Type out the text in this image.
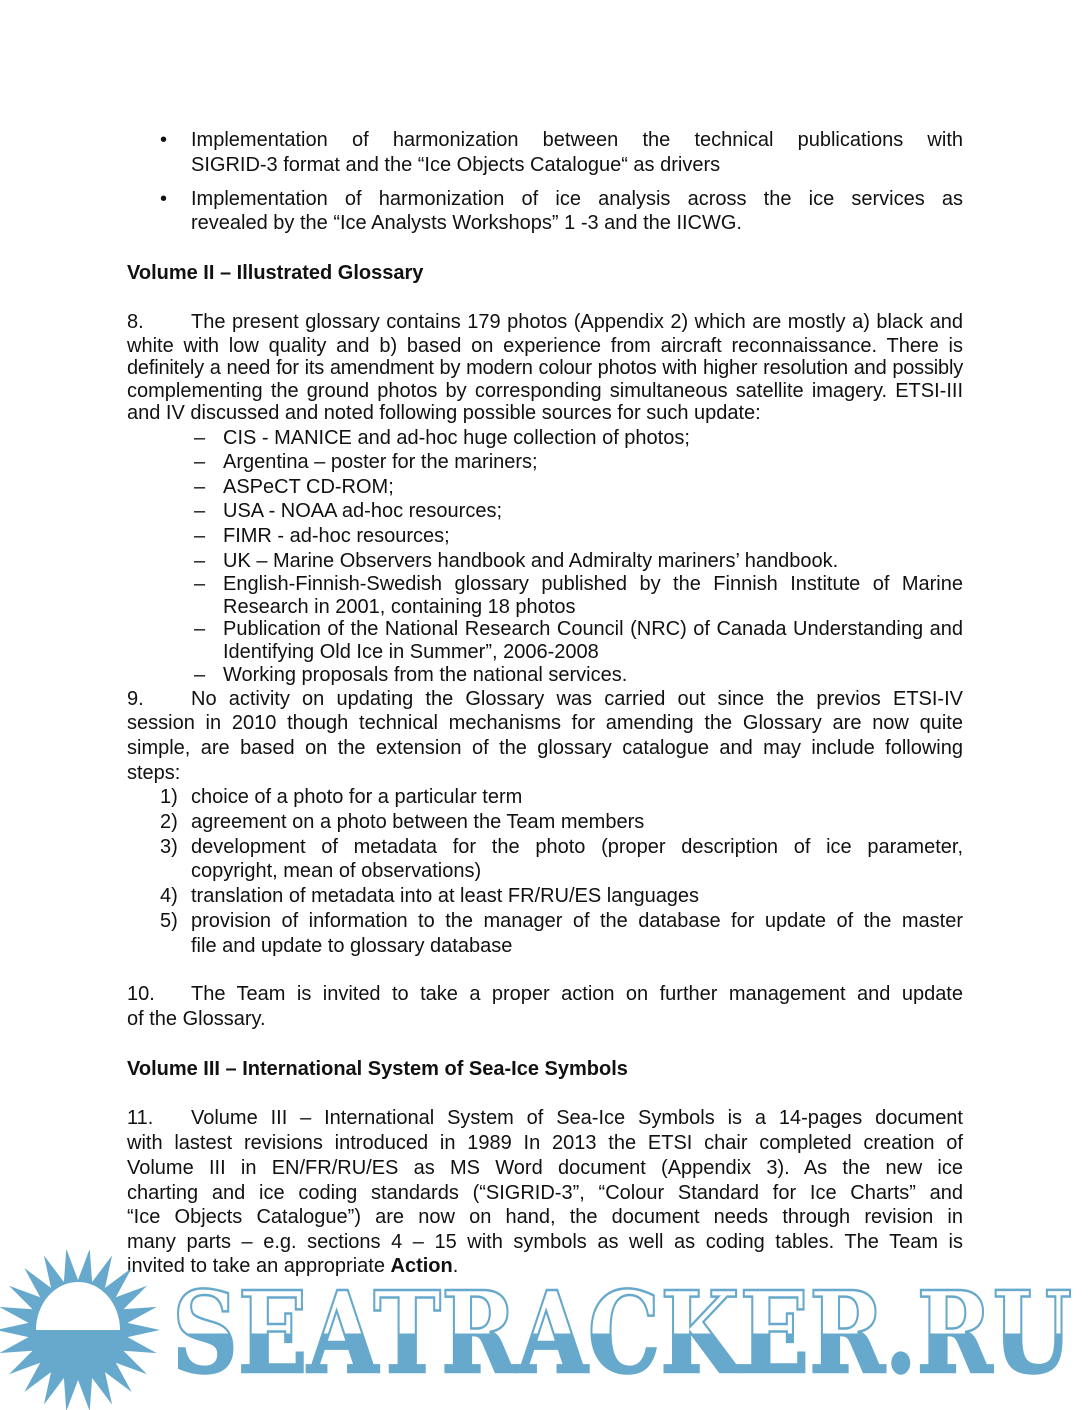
• Implementation of harmonization between the technical publications with
SIGRID-3 format and the “Ice Objects Catalogue“ as drivers
• Implementation of harmonization of ice analysis across the ice services as
revealed by the “Ice Analysts Workshops” 1 -3 and the IICWG.
Volume II – Illustrated Glossary
8. The present glossary contains 179 photos (Appendix 2) which are mostly a) black and
white with low quality and b) based on experience from aircraft reconnaissance. There is
definitely a need for its amendment by modern colour photos with higher resolution and possibly
complementing the ground photos by corresponding simultaneous satellite imagery. ETSI-III
and IV discussed and noted following possible sources for such update:
– CIS - MANICE and ad-hoc huge collection of photos;
– Argentina – poster for the mariners;
– ASPeCT CD-ROM;
– USA - NOAA ad-hoc resources;
– FIMR - ad-hoc resources;
– UK – Marine Observers handbook and Admiralty mariners’ handbook.
– English-Finnish-Swedish glossary published by the Finnish Institute of Marine
Research in 2001, containing 18 photos
– Publication of the National Research Council (NRC) of Canada Understanding and
Identifying Old Ice in Summer”, 2006-2008
– Working proposals from the national services.
9. No activity on updating the Glossary was carried out since the previos ETSI-IV
session in 2010 though technical mechanisms for amending the Glossary are now quite
simple, are based on the extension of the glossary catalogue and may include following
steps:
1) choice of a photo for a particular term
2) agreement on a photo between the Team members
3) development of metadata for the photo (proper description of ice parameter,
copyright, mean of observations)
4) translation of metadata into at least FR/RU/ES languages
5) provision of information to the manager of the database for update of the master
file and update to glossary database
10. The Team is invited to take a proper action on further management and update
of the Glossary.
Volume III – International System of Sea-Ice Symbols
11. Volume III – International System of Sea-Ice Symbols is a 14-pages document
with lastest revisions introduced in 1989 In 2013 the ETSI chair completed creation of
Volume III in EN/FR/RU/ES as MS Word document (Appendix 3). As the new ice
charting and ice coding standards (“SIGRID-3”, “Colour Standard for Ice Charts” and
“Ice Objects Catalogue”) are now on hand, the document needs through revision in
many parts – e.g. sections 4 – 15 with symbols as well as coding tables. The Team is
invited to take an appropriate Action.
SEATRACKER.RU
